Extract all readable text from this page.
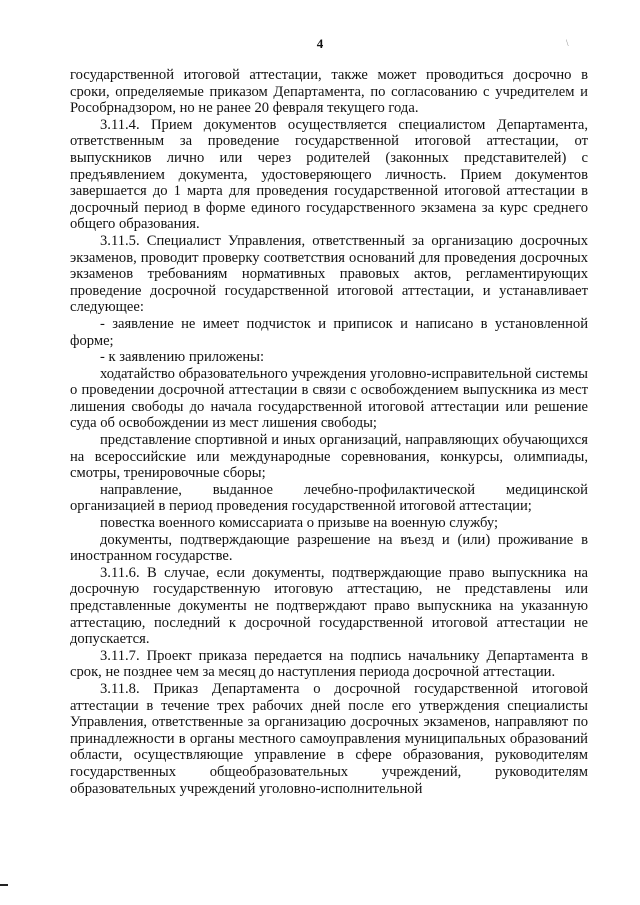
4	\

государственной итоговой аттестации, также может проводиться досрочно в сроки, определяемые приказом Департамента, по согласованию с учредителем и Рособрнадзором, но не ранее 20 февраля текущего года.

3.11.4. Прием документов осуществляется специалистом Департамента, ответственным за проведение государственной итоговой аттестации, от выпускников лично или через родителей (законных представителей) с предъявлением документа, удостоверяющего личность. Прием документов завершается до 1 марта для проведения государственной итоговой аттестации в досрочный период в форме единого государственного экзамена за курс среднего общего образования.

3.11.5. Специалист Управления, ответственный за организацию досрочных экзаменов, проводит проверку соответствия оснований для проведения досрочных экзаменов требованиям нормативных правовых актов, регламентирующих проведение досрочной государственной итоговой аттестации, и устанавливает следующее:

- заявление не имеет подчисток и приписок и написано в установленной форме;

- к заявлению приложены:

ходатайство образовательного учреждения уголовно-исправительной системы о проведении досрочной аттестации в связи с освобождением выпускника из мест лишения свободы до начала государственной итоговой аттестации или решение суда об освобождении из мест лишения свободы;

представление спортивной и иных организаций, направляющих обучающихся на всероссийские или международные соревнования, конкурсы, олимпиады, смотры, тренировочные сборы;

направление, выданное лечебно-профилактической медицинской организацией в период проведения государственной итоговой аттестации;

повестка военного комиссариата о призыве на военную службу;

документы, подтверждающие разрешение на въезд и (или) проживание в иностранном государстве.

3.11.6. В случае, если документы, подтверждающие право выпускника на досрочную государственную итоговую аттестацию, не представлены или представленные документы не подтверждают право выпускника на указанную аттестацию, последний к досрочной государственной итоговой аттестации не допускается.

3.11.7. Проект приказа передается на подпись начальнику Департамента в срок, не позднее чем за месяц до наступления периода досрочной аттестации.

3.11.8. Приказ Департамента о досрочной государственной итоговой аттестации в течение трех рабочих дней после его утверждения специалисты Управления, ответственные за организацию досрочных экзаменов, направляют по принадлежности в органы местного самоуправления муниципальных образований области, осуществляющие управление в сфере образования, руководителям государственных общеобразовательных учреждений, руководителям образовательных учреждений уголовно-исполнительной
